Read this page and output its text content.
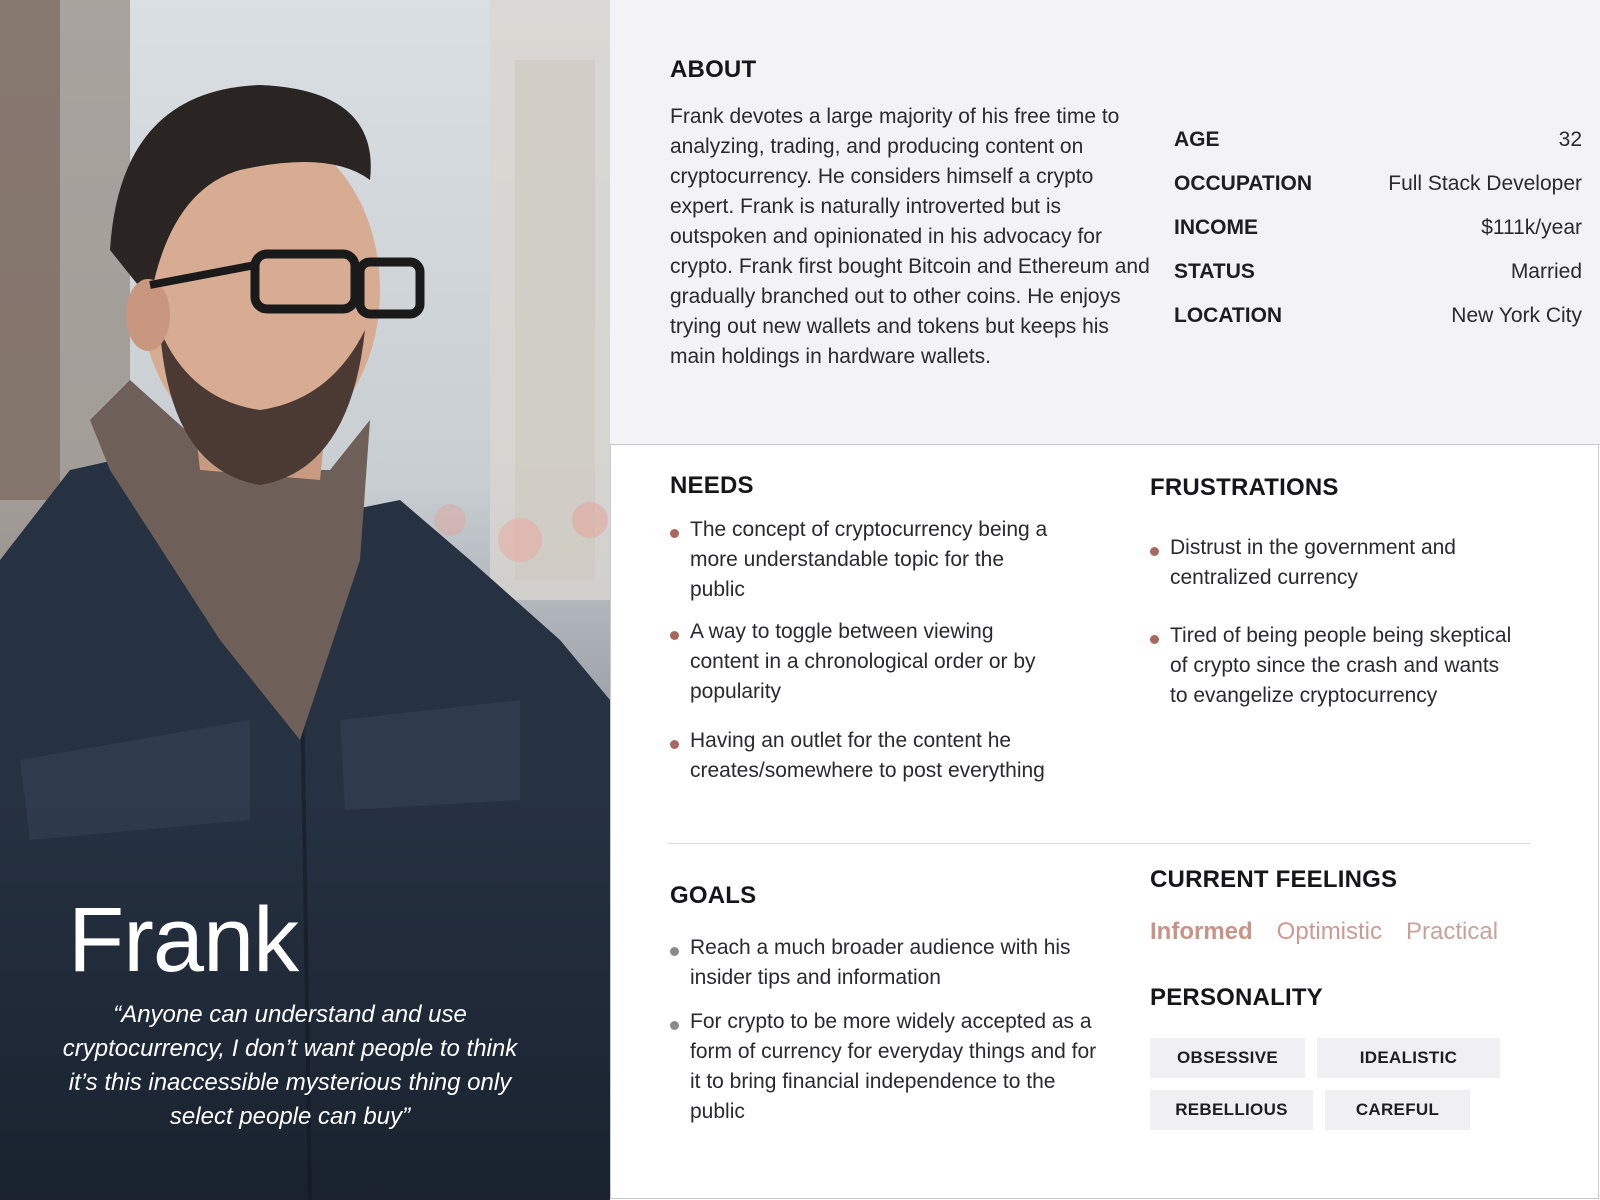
Frank

“Anyone can understand and use cryptocurrency, I don’t want people to think it’s this inaccessible mysterious thing only select people can buy”

ABOUT

Frank devotes a large majority of his free time to analyzing, trading, and producing content on cryptocurrency. He considers himself a crypto expert. Frank is naturally introverted but is outspoken and opinionated in his advocacy for crypto. Frank first bought Bitcoin and Ethereum and gradually branched out to other coins. He enjoys trying out new wallets and tokens but keeps his main holdings in hardware wallets.

AGE	32
OCCUPATION	Full Stack Developer
INCOME	$111k/year
STATUS	Married
LOCATION	New York City
NEEDS
The concept of cryptocurrency being a more understandable topic for the public
A way to toggle between viewing content in a chronological order or by popularity
Having an outlet for the content he creates/somewhere to post everything
FRUSTRATIONS
Distrust in the government and centralized currency
Tired of being people being skeptical of crypto since the crash and wants to evangelize cryptocurrency
GOALS
Reach a much broader audience with his insider tips and information
For crypto to be more widely accepted as a form of currency for everyday things and for it to bring financial independence to the public
CURRENT FEELINGS
Informed Optimistic Practical
PERSONALITY
OBSESSIVE	IDEALISTIC
REBELLIOUS	CAREFUL
